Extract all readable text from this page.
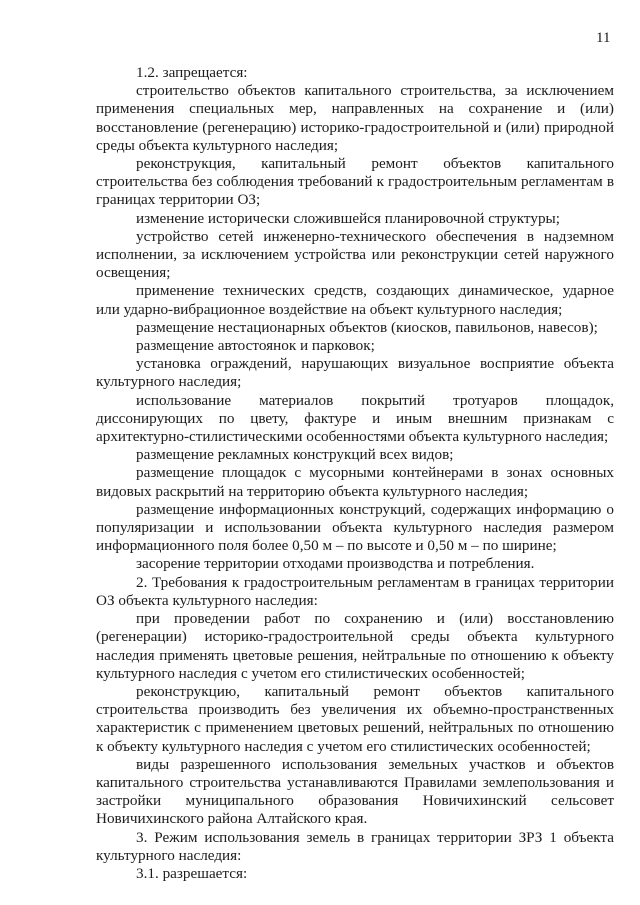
11

1.2. запрещается:

строительство объектов капитального строительства, за исключением применения специальных мер, направленных на сохранение и (или) восстановление (регенерацию) историко-градостроительной и (или) природной среды объекта культурного наследия;

реконструкция, капитальный ремонт объектов капитального строительства без соблюдения требований к градостроительным регламентам в границах территории ОЗ;

изменение исторически сложившейся планировочной структуры;

устройство сетей инженерно-технического обеспечения в надземном исполнении, за исключением устройства или реконструкции сетей наружного освещения;

применение технических средств, создающих динамическое, ударное или ударно-вибрационное воздействие на объект культурного наследия;

размещение нестационарных объектов (киосков, павильонов, навесов);

размещение автостоянок и парковок;

установка ограждений, нарушающих визуальное восприятие объекта культурного наследия;

использование материалов покрытий тротуаров площадок, диссонирующих по цвету, фактуре и иным внешним признакам с архитектурно-стилистическими особенностями объекта культурного наследия;

размещение рекламных конструкций всех видов;

размещение площадок с мусорными контейнерами в зонах основных видовых раскрытий на территорию объекта культурного наследия;

размещение информационных конструкций, содержащих информацию о популяризации и использовании объекта культурного наследия размером информационного поля более 0,50 м – по высоте и 0,50 м – по ширине;

засорение территории отходами производства и потребления.

2. Требования к градостроительным регламентам в границах территории ОЗ объекта культурного наследия:

при проведении работ по сохранению и (или) восстановлению (регенерации) историко-градостроительной среды объекта культурного наследия применять цветовые решения, нейтральные по отношению к объекту культурного наследия с учетом его стилистических особенностей;

реконструкцию, капитальный ремонт объектов капитального строительства производить без увеличения их объемно-пространственных характеристик с применением цветовых решений, нейтральных по отношению к объекту культурного наследия с учетом его стилистических особенностей;

виды разрешенного использования земельных участков и объектов капитального строительства устанавливаются Правилами землепользования и застройки муниципального образования Новичихинский сельсовет Новичихинского района Алтайского края.

3. Режим использования земель в границах территории ЗРЗ 1 объекта культурного наследия:

3.1. разрешается:
